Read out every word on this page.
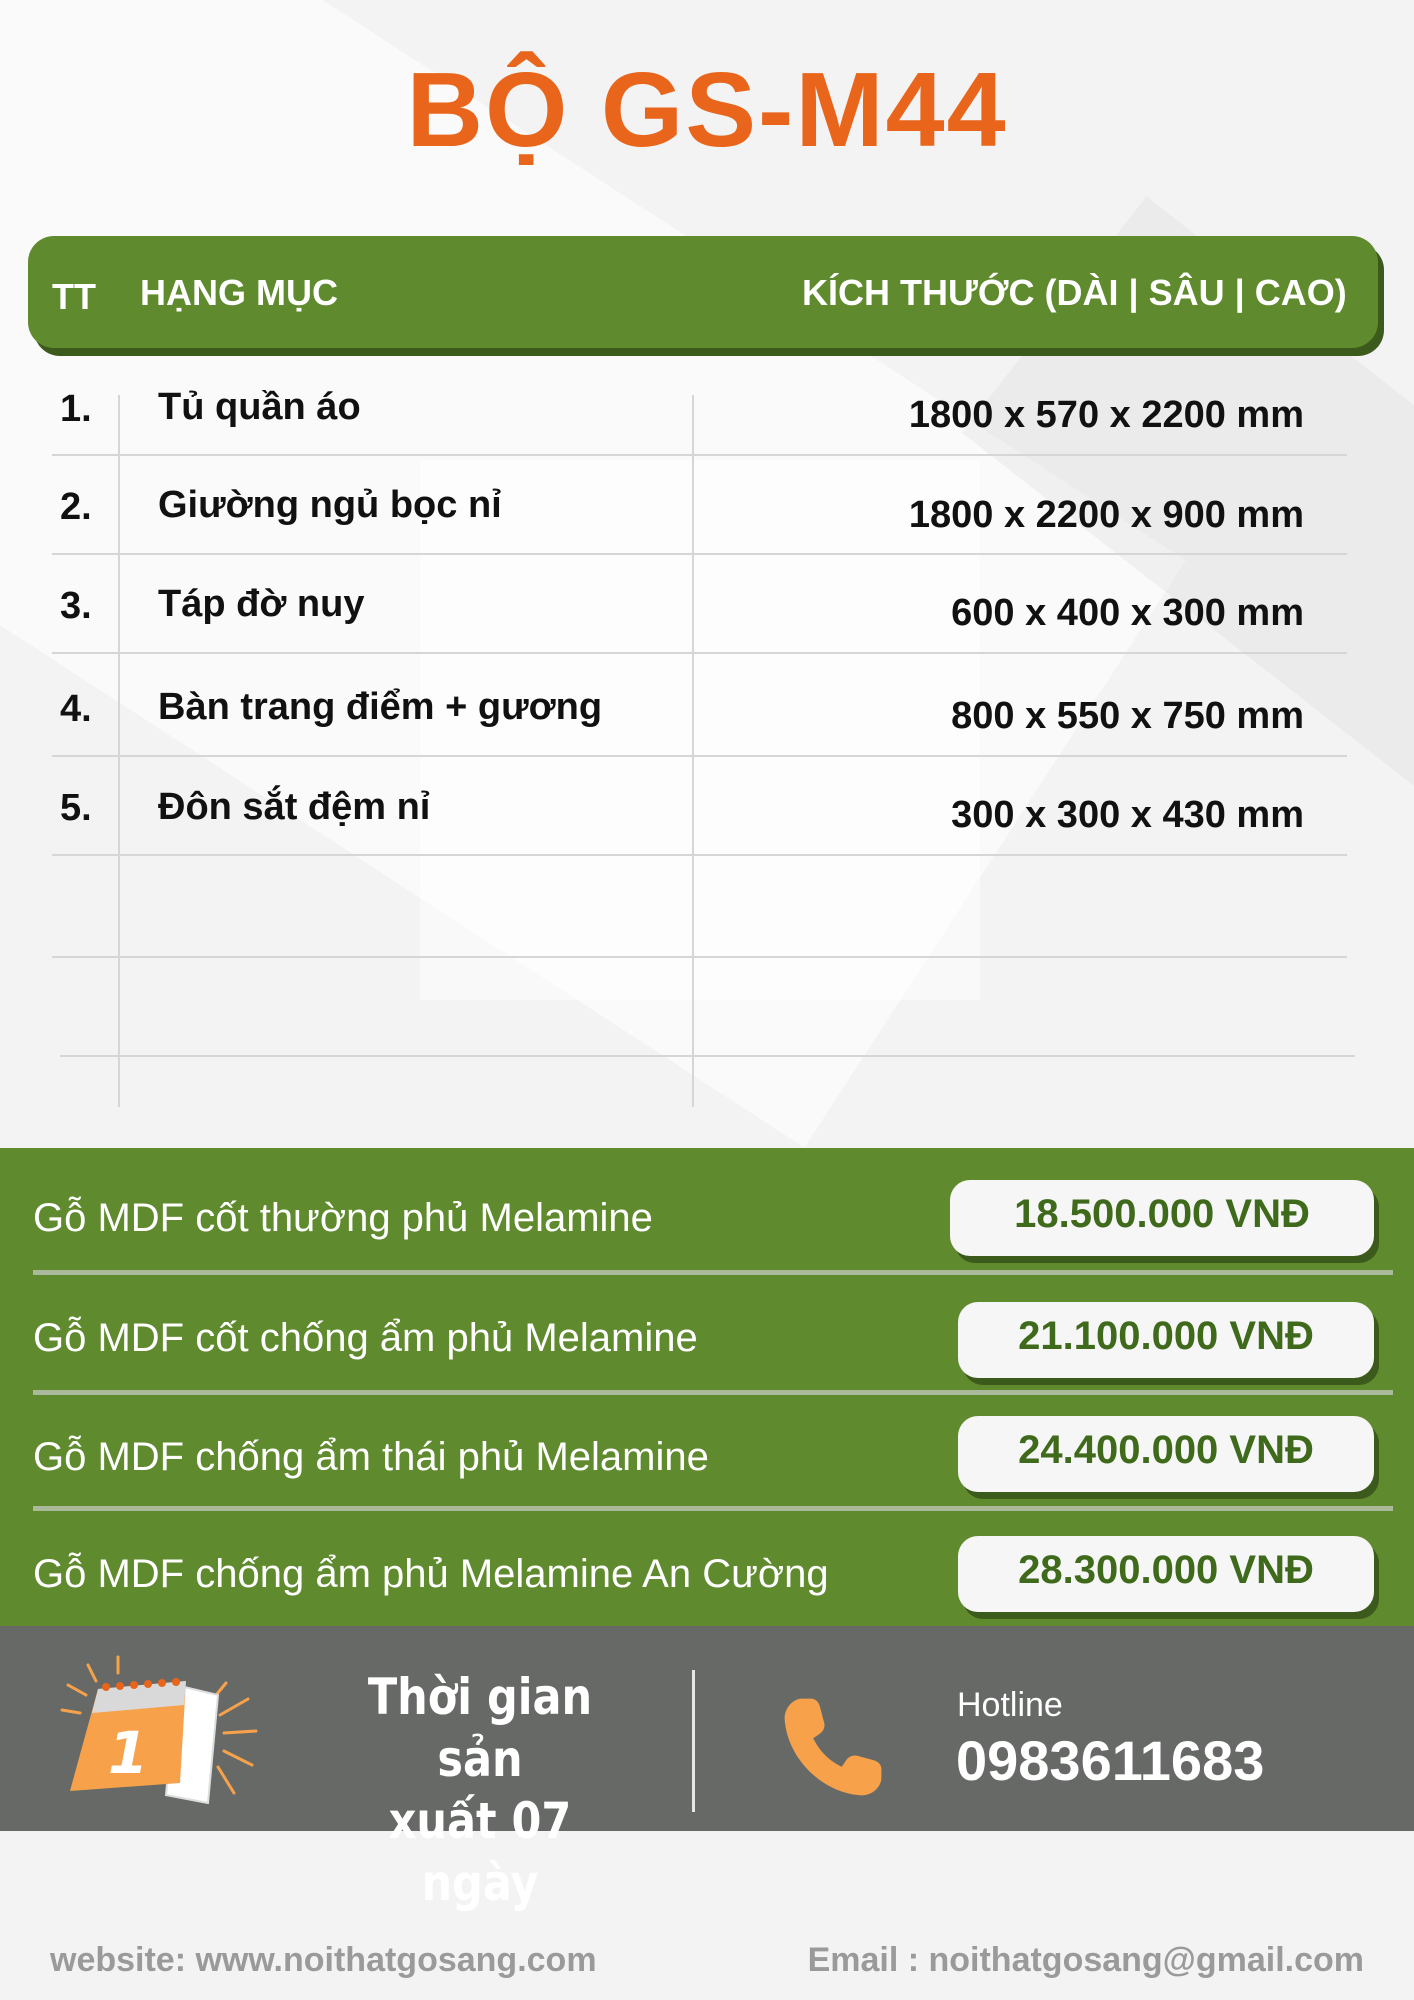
BỘ GS-M44
TT HẠNG MỤC	KÍCH THƯỚC (DÀI | SÂU | CAO)
1. Tủ quần áo	1800 x 570 x 2200 mm
2. Giường ngủ bọc nỉ	1800 x 2200 x 900 mm
3. Táp đờ nuy	600 x 400 x 300 mm
4. Bàn trang điểm + gương	800 x 550 x 750 mm
5. Đôn sắt đệm nỉ	300 x 300 x 430 mm
Gỗ MDF cốt thường phủ Melamine	18.500.000 VNĐ
Gỗ MDF cốt chống ẩm phủ Melamine	21.100.000 VNĐ
Gỗ MDF chống ẩm thái phủ Melamine	24.400.000 VNĐ
Gỗ MDF chống ẩm phủ Melamine An Cường	28.300.000 VNĐ
1
Thời gian sản
xuất 07 ngày
Hotline
0983611683
website: www.noithatgosang.com	Email : noithatgosang@gmail.com
